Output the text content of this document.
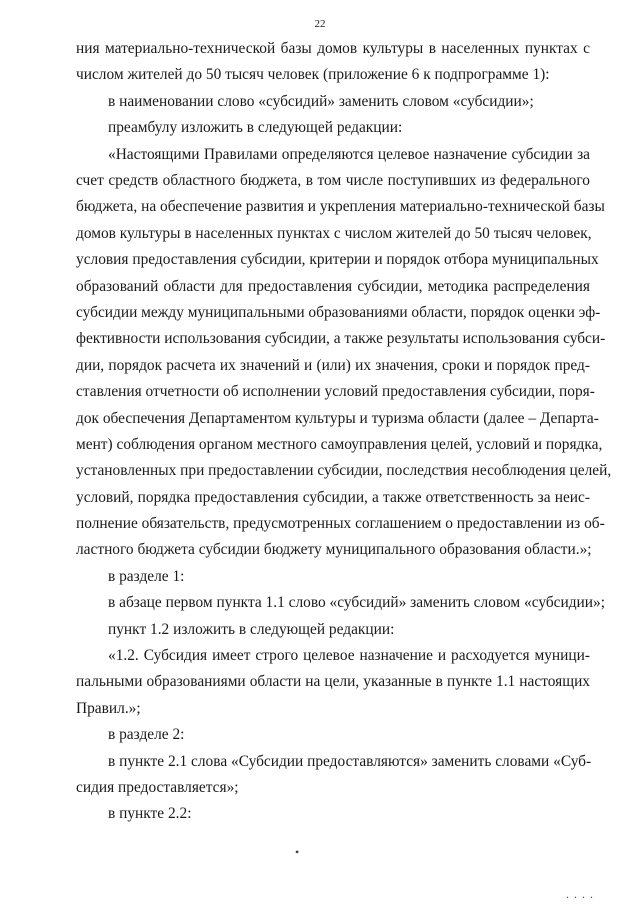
22
ния материально-технической базы домов культуры в населенных пунктах с
числом жителей до 50 тысяч человек (приложение 6 к подпрограмме 1):
в наименовании слово «субсидий» заменить словом «субсидии»;
преамбулу изложить в следующей редакции:
«Настоящими Правилами определяются целевое назначение субсидии за
счет средств областного бюджета, в том числе поступивших из федерального
бюджета, на обеспечение развития и укрепления материально-технической базы
домов культуры в населенных пунктах с числом жителей до 50 тысяч человек,
условия предоставления субсидии, критерии и порядок отбора муниципальных
образований области для предоставления субсидии, методика распределения
субсидии между муниципальными образованиями области, порядок оценки эф-
фективности использования субсидии, а также результаты использования субси-
дии, порядок расчета их значений и (или) их значения, сроки и порядок пред-
ставления отчетности об исполнении условий предоставления субсидии, поря-
док обеспечения Департаментом культуры и туризма области (далее – Департа-
мент) соблюдения органом местного самоуправления целей, условий и порядка,
установленных при предоставлении субсидии, последствия несоблюдения целей,
условий, порядка предоставления субсидии, а также ответственность за неис-
полнение обязательств, предусмотренных соглашением о предоставлении из об-
ластного бюджета субсидии бюджету муниципального образования области.»;
в разделе 1:
в абзаце первом пункта 1.1 слово «субсидий» заменить словом «субсидии»;
пункт 1.2 изложить в следующей редакции:
«1.2. Субсидия имеет строго целевое назначение и расходуется муници-
пальными образованиями области на цели, указанные в пункте 1.1 настоящих
Правил.»;
в разделе 2:
в пункте 2.1 слова «Субсидии предоставляются» заменить словами «Суб-
сидия предоставляется»;
в пункте 2.2:
•
. . . .
